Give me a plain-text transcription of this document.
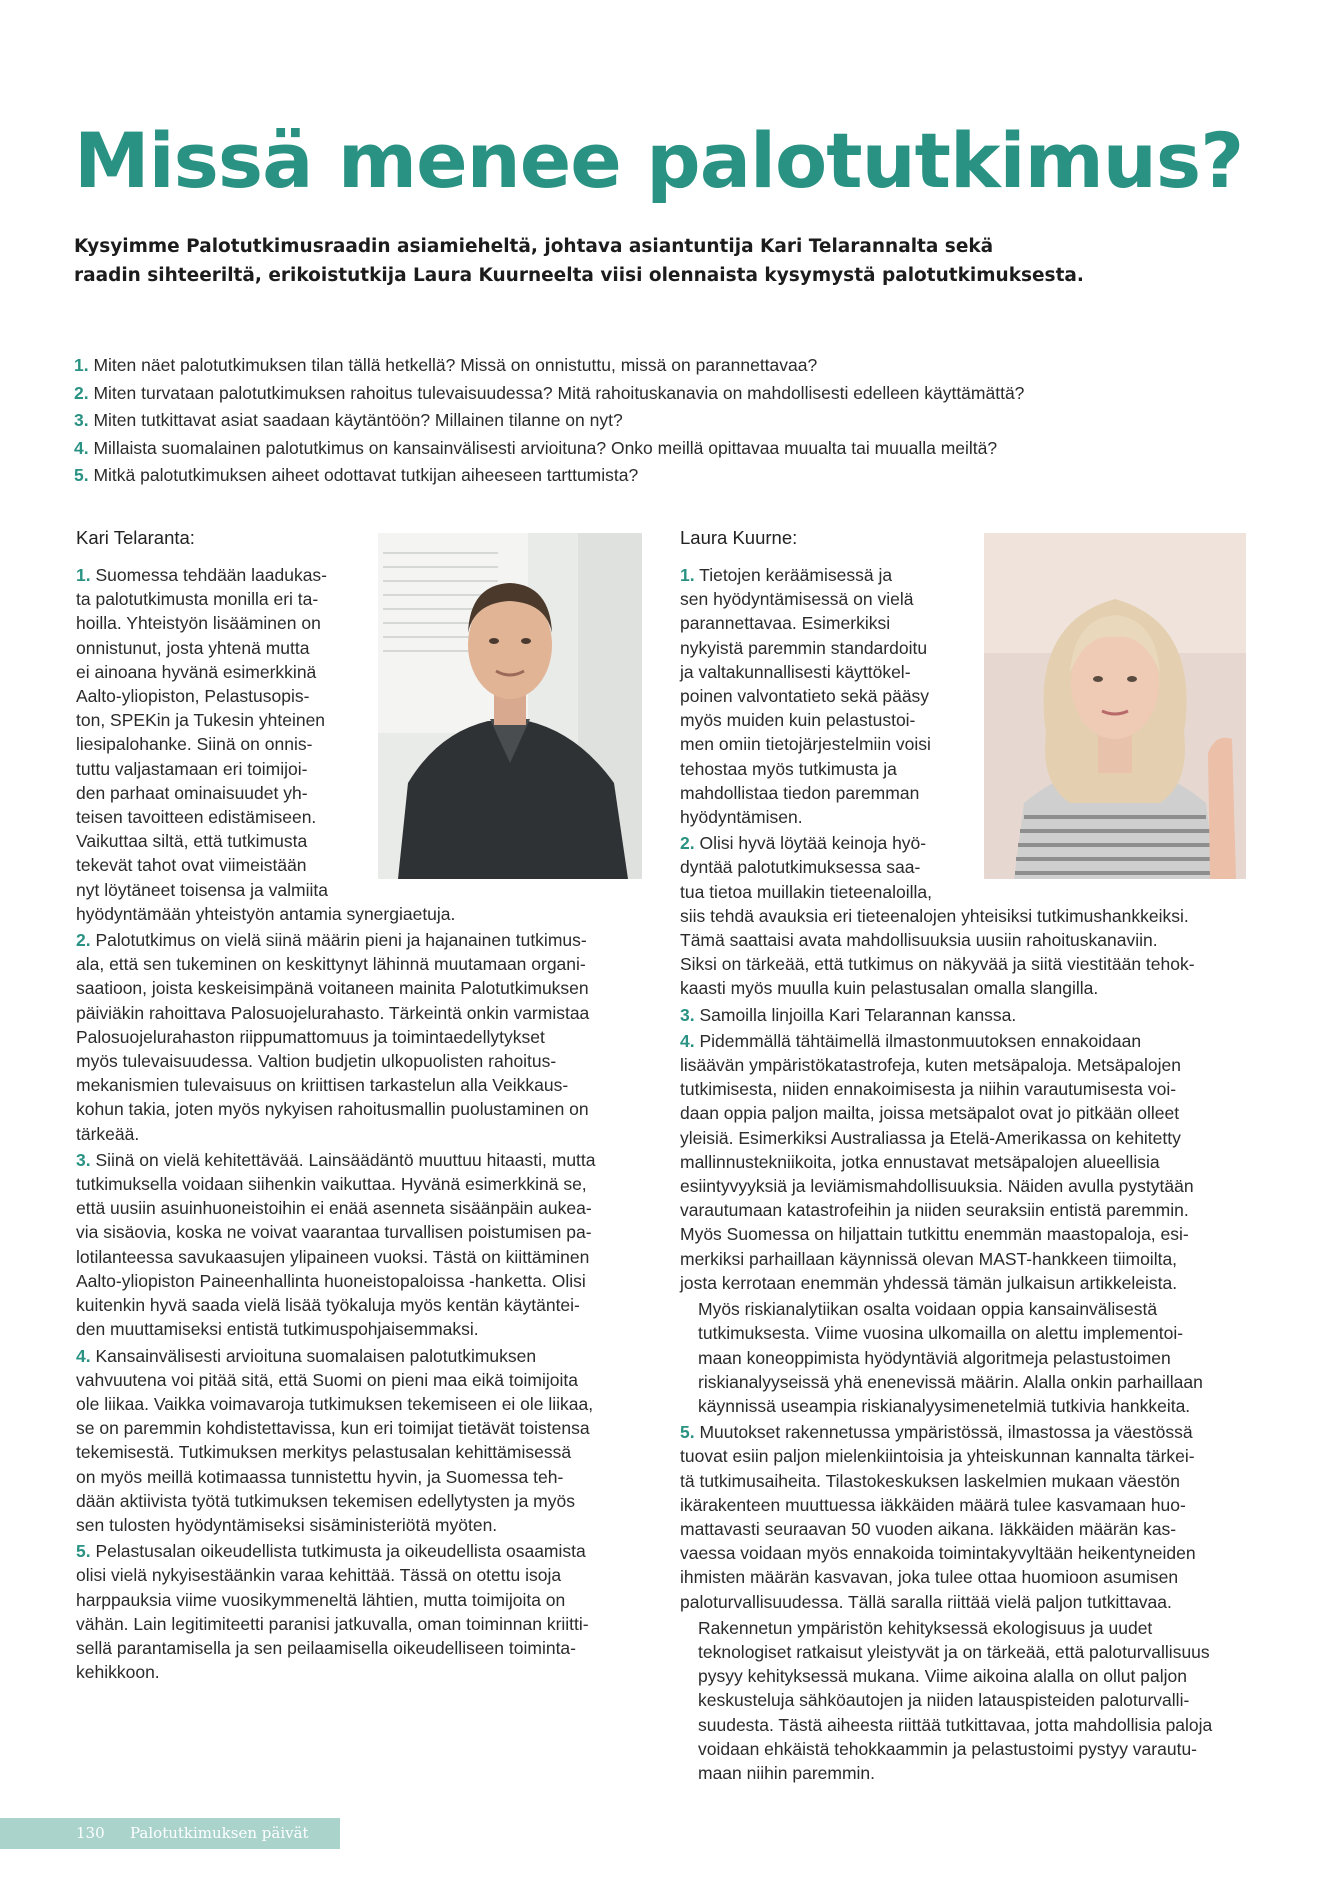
Missä menee palotutkimus?
Kysyimme Palotutkimusraadin asiamieheltä, johtava asiantuntija Kari Telarannalta sekä
raadin sihteeriltä, erikoistutkija Laura Kuurneelta viisi olennaista kysymystä palotutkimuksesta.
1. Miten näet palotutkimuksen tilan tällä hetkellä? Missä on onnistuttu, missä on parannettavaa?
2. Miten turvataan palotutkimuksen rahoitus tulevaisuudessa? Mitä rahoituskanavia on mahdollisesti edelleen käyttämättä?
3. Miten tutkittavat asiat saadaan käytäntöön? Millainen tilanne on nyt?
4. Millaista suomalainen palotutkimus on kansainvälisesti arvioituna? Onko meillä opittavaa muualta tai muualla meiltä?
5. Mitkä palotutkimuksen aiheet odottavat tutkijan aiheeseen tarttumista?
Kari Telaranta:
1. Suomessa tehdään laadukas-
ta palotutkimusta monilla eri ta-
hoilla. Yhteistyön lisääminen on
onnistunut, josta yhtenä mutta
ei ainoana hyvänä esimerkkinä
Aalto-yliopiston, Pelastusopis-
ton, SPEKin ja Tukesin yhteinen
liesipalohanke. Siinä on onnis-
tuttu valjastamaan eri toimijoi-
den parhaat ominaisuudet yh-
teisen tavoitteen edistämiseen.
Vaikuttaa siltä, että tutkimusta
tekevät tahot ovat viimeistään
nyt löytäneet toisensa ja valmiita
hyödyntämään yhteistyön antamia synergiaetuja.
2. Palotutkimus on vielä siinä määrin pieni ja hajanainen tutkimus-
ala, että sen tukeminen on keskittynyt lähinnä muutamaan organi-
saatioon, joista keskeisimpänä voitaneen mainita Palotutkimuksen
päiviäkin rahoittava Palosuojelurahasto. Tärkeintä onkin varmistaa
Palosuojelurahaston riippumattomuus ja toimintaedellytykset
myös tulevaisuudessa. Valtion budjetin ulkopuolisten rahoitus-
mekanismien tulevaisuus on kriittisen tarkastelun alla Veikkaus-
kohun takia, joten myös nykyisen rahoitusmallin puolustaminen on
tärkeää.
3. Siinä on vielä kehitettävää. Lainsäädäntö muuttuu hitaasti, mutta
tutkimuksella voidaan siihenkin vaikuttaa. Hyvänä esimerkkinä se,
että uusiin asuinhuoneistoihin ei enää asenneta sisäänpäin aukea-
via sisäovia, koska ne voivat vaarantaa turvallisen poistumisen pa-
lotilanteessa savukaasujen ylipaineen vuoksi. Tästä on kiittäminen
Aalto-yliopiston Paineenhallinta huoneistopaloissa -hanketta. Olisi
kuitenkin hyvä saada vielä lisää työkaluja myös kentän käytäntei-
den muuttamiseksi entistä tutkimuspohjaisemmaksi.
4. Kansainvälisesti arvioituna suomalaisen palotutkimuksen
vahvuutena voi pitää sitä, että Suomi on pieni maa eikä toimijoita
ole liikaa. Vaikka voimavaroja tutkimuksen tekemiseen ei ole liikaa,
se on paremmin kohdistettavissa, kun eri toimijat tietävät toistensa
tekemisestä. Tutkimuksen merkitys pelastusalan kehittämisessä
on myös meillä kotimaassa tunnistettu hyvin, ja Suomessa teh-
dään aktiivista työtä tutkimuksen tekemisen edellytysten ja myös
sen tulosten hyödyntämiseksi sisäministeriötä myöten.
5. Pelastusalan oikeudellista tutkimusta ja oikeudellista osaamista
olisi vielä nykyisestäänkin varaa kehittää. Tässä on otettu isoja
harppauksia viime vuosikymmeneltä lähtien, mutta toimijoita on
vähän. Lain legitimiteetti paranisi jatkuvalla, oman toiminnan kriitti-
sellä parantamisella ja sen peilaamisella oikeudelliseen toiminta-
kehikkoon.
Laura Kuurne:
1. Tietojen keräämisessä ja
sen hyödyntämisessä on vielä
parannettavaa. Esimerkiksi
nykyistä paremmin standardoitu
ja valtakunnallisesti käyttökel-
poinen valvontatieto sekä pääsy
myös muiden kuin pelastustoi-
men omiin tietojärjestelmiin voisi
tehostaa myös tutkimusta ja
mahdollistaa tiedon paremman
hyödyntämisen.
2. Olisi hyvä löytää keinoja hyö-
dyntää palotutkimuksessa saa-
tua tietoa muillakin tieteenaloilla,
siis tehdä avauksia eri tieteenalojen yhteisiksi tutkimushankkeiksi.
Tämä saattaisi avata mahdollisuuksia uusiin rahoituskanaviin.
Siksi on tärkeää, että tutkimus on näkyvää ja siitä viestitään tehok-
kaasti myös muulla kuin pelastusalan omalla slangilla.
3. Samoilla linjoilla Kari Telarannan kanssa.
4. Pidemmällä tähtäimellä ilmastonmuutoksen ennakoidaan
lisäävän ympäristökatastrofeja, kuten metsäpaloja. Metsäpalojen
tutkimisesta, niiden ennakoimisesta ja niihin varautumisesta voi-
daan oppia paljon mailta, joissa metsäpalot ovat jo pitkään olleet
yleisiä. Esimerkiksi Australiassa ja Etelä-Amerikassa on kehitetty
mallinnustekniikoita, jotka ennustavat metsäpalojen alueellisia
esiintyvyyksiä ja leviämismahdollisuuksia. Näiden avulla pystytään
varautumaan katastrofeihin ja niiden seuraksiin entistä paremmin.
Myös Suomessa on hiljattain tutkittu enemmän maastopaloja, esi-
merkiksi parhaillaan käynnissä olevan MAST-hankkeen tiimoilta,
josta kerrotaan enemmän yhdessä tämän julkaisun artikkeleista.
Myös riskianalytiikan osalta voidaan oppia kansainvälisestä
tutkimuksesta. Viime vuosina ulkomailla on alettu implementoi-
maan koneoppimista hyödyntäviä algoritmeja pelastustoimen
riskianalyyseissä yhä enenevissä määrin. Alalla onkin parhaillaan
käynnissä useampia riskianalyysimenetelmiä tutkivia hankkeita.
5. Muutokset rakennetussa ympäristössä, ilmastossa ja väestössä
tuovat esiin paljon mielenkiintoisia ja yhteiskunnan kannalta tärkei-
tä tutkimusaiheita. Tilastokeskuksen laskelmien mukaan väestön
ikärakenteen muuttuessa iäkkäiden määrä tulee kasvamaan huo-
mattavasti seuraavan 50 vuoden aikana. Iäkkäiden määrän kas-
vaessa voidaan myös ennakoida toimintakyvyltään heikentyneiden
ihmisten määrän kasvavan, joka tulee ottaa huomioon asumisen
paloturvallisuudessa. Tällä saralla riittää vielä paljon tutkittavaa.
Rakennetun ympäristön kehityksessä ekologisuus ja uudet
teknologiset ratkaisut yleistyvät ja on tärkeää, että paloturvallisuus
pysyy kehityksessä mukana. Viime aikoina alalla on ollut paljon
keskusteluja sähköautojen ja niiden latauspisteiden paloturvalli-
suudesta. Tästä aiheesta riittää tutkittavaa, jotta mahdollisia paloja
voidaan ehkäistä tehokkaammin ja pelastustoimi pystyy varautu-
maan niihin paremmin.
130 Palotutkimuksen päivät 2021
